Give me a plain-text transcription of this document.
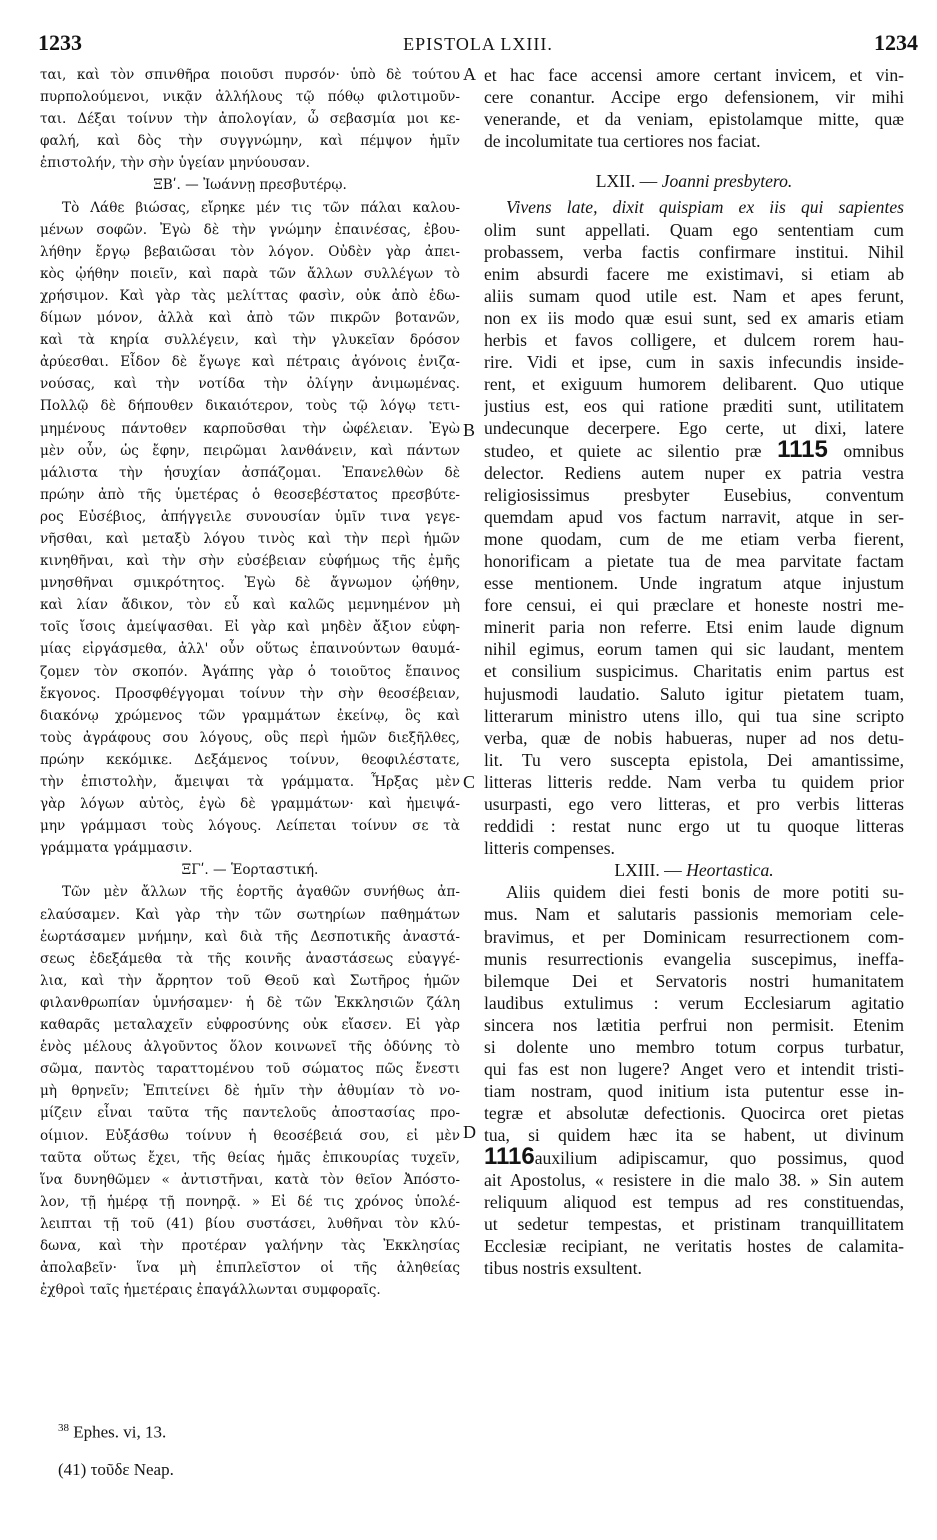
1233	EPISTOLA LXIII.	1234
ται, καὶ τὸν σπινθῆρα ποιοῦσι πυρσόν· ὑπὸ δὲ τούτου
πυρπολούμενοι, νικᾷν ἀλλήλους τῷ πόθῳ φιλοτιμοῦν-
ται. Δέξαι τοίνυν τὴν ἀπολογίαν, ὦ σεβασμία μοι κε-
φαλή, καὶ δὸς τὴν συγγνώμην, καὶ πέμψον ἡμῖν
ἐπιστολήν, τὴν σὴν ὑγείαν μηνύουσαν.
ΞΒʹ. — Ἰωάννῃ πρεσβυτέρῳ.
Τὸ Λάθε βιώσας, εἴρηκε μέν τις τῶν πάλαι καλου-
μένων σοφῶν. Ἐγὼ δὲ τὴν γνώμην ἐπαινέσας, ἐβου-
λήθην ἔργῳ βεβαιῶσαι τὸν λόγον. Οὐδὲν γὰρ ἀπει-
κὸς ᾠήθην ποιεῖν, καὶ παρὰ τῶν ἄλλων συλλέγων τὸ
χρήσιμον. Καὶ γὰρ τὰς μελίττας φασὶν, οὐκ ἀπὸ ἐδω-
δίμων μόνον, ἀλλὰ καὶ ἀπὸ τῶν πικρῶν βοτανῶν,
καὶ τὰ κηρία συλλέγειν, καὶ τὴν γλυκεῖαν δρόσον
ἀρύεσθαι. Εἶδον δὲ ἔγωγε καὶ πέτραις ἀγόνοις ἐνιζα-
νούσας, καὶ τὴν νοτίδα τὴν ὀλίγην ἀνιμωμένας.
Πολλῷ δὲ δήπουθεν δικαιότερον, τοὺς τῷ λόγῳ τετι-
μημένους πάντοθεν καρποῦσθαι τὴν ὠφέλειαν. Ἐγὼ
μὲν οὖν, ὡς ἔφην, πειρῶμαι λανθάνειν, καὶ πάντων
μάλιστα τὴν ἡσυχίαν ἀσπάζομαι. Ἐπανελθὼν δὲ
πρώην ἀπὸ τῆς ὑμετέρας ὁ θεοσεβέστατος πρεσβύτε-
ρος Εὐσέβιος, ἀπήγγειλε συνουσίαν ὑμῖν τινα γεγε-
νῆσθαι, καὶ μεταξὺ λόγου τινὸς καὶ τὴν περὶ ἡμῶν
κινηθῆναι, καὶ τὴν σὴν εὐσέβειαν εὐφήμως τῆς ἐμῆς
μνησθῆναι σμικρότητος. Ἐγὼ δὲ ἄγνωμον ᾠήθην,
καὶ λίαν ἄδικον, τὸν εὖ καὶ καλῶς μεμνημένον μὴ
τοῖς ἴσοις ἀμείψασθαι. Εἰ γὰρ καὶ μηδὲν ἄξιον εὐφη-
μίας εἰργάσμεθα, ἀλλ' οὖν οὕτως ἐπαινούντων θαυμά-
ζομεν τὸν σκοπόν. Ἀγάπης γὰρ ὁ τοιοῦτος ἔπαινος
ἔκγονος. Προσφθέγγομαι τοίνυν τὴν σὴν θεοσέβειαν,
διακόνῳ χρώμενος τῶν γραμμάτων ἐκείνῳ, ὃς καὶ
τοὺς ἀγράφους σου λόγους, οὓς περὶ ἡμῶν διεξῆλθες,
πρώην κεκόμικε. Δεξάμενος τοίνυν, θεοφιλέστατε,
τὴν ἐπιστολὴν, ἄμειψαι τὰ γράμματα. Ἦρξας μὲν
γὰρ λόγων αὐτὸς, ἐγὼ δὲ γραμμάτων· καὶ ἠμειψά-
μην γράμμασι τοὺς λόγους. Λείπεται τοίνυν σε τὰ
γράμματα γράμμασιν.
ΞΓʹ. — Ἑορταστική.
Τῶν μὲν ἄλλων τῆς ἑορτῆς ἀγαθῶν συνήθως ἀπ-
ελαύσαμεν. Καὶ γὰρ τὴν τῶν σωτηρίων παθημάτων
ἑωρτάσαμεν μνήμην, καὶ διὰ τῆς Δεσποτικῆς ἀναστά-
σεως ἐδεξάμεθα τὰ τῆς κοινῆς ἀναστάσεως εὐαγγέ-
λια, καὶ τὴν ἄρρητον τοῦ Θεοῦ καὶ Σωτῆρος ἡμῶν
φιλανθρωπίαν ὑμνήσαμεν· ἡ δὲ τῶν Ἐκκλησιῶν ζάλη
καθαρᾶς μεταλαχεῖν εὐφροσύνης οὐκ εἴασεν. Εἰ γὰρ
ἑνὸς μέλους ἀλγοῦντος ὅλον κοινωνεῖ τῆς ὀδύνης τὸ
σῶμα, παντὸς ταραττομένου τοῦ σώματος πῶς ἔνεστι
μὴ θρηνεῖν; Ἐπιτείνει δὲ ἡμῖν τὴν ἀθυμίαν τὸ νο-
μίζειν εἶναι ταῦτα τῆς παντελοῦς ἀποστασίας προ-
οίμιον. Εὐξάσθω τοίνυν ἡ θεοσέβειά σου, εἰ μὲν
ταῦτα οὕτως ἔχει, τῆς θείας ἡμᾶς ἐπικουρίας τυχεῖν,
ἵνα δυνηθῶμεν « ἀντιστῆναι, κατὰ τὸν θεῖον Ἀπόστο-
λον, τῇ ἡμέρᾳ τῇ πονηρᾷ. » Εἰ δέ τις χρόνος ὑπολέ-
λειπται τῇ τοῦ (41) βίου συστάσει, λυθῆναι τὸν κλύ-
δωνα, καὶ τὴν προτέραν γαλήνην τὰς Ἐκκλησίας
ἀπολαβεῖν· ἵνα μὴ ἐπιπλεῖστον οἱ τῆς ἀληθείας
ἐχθροὶ ταῖς ἡμετέραις ἐπαγάλλωνται συμφοραῖς.
A
B
C
D
et hac face accensi amore certant invicem, et vin-
cere conantur. Accipe ergo defensionem, vir mihi
venerande, et da veniam, epistolamque mitte, quæ
de incolumitate tua certiores nos faciat.
LXII. — Joanni presbytero.
Vivens late, dixit quispiam ex iis qui sapientes
olim sunt appellati. Quam ego sententiam cum
probassem, verba factis confirmare institui. Nihil
enim absurdi facere me existimavi, si etiam ab
aliis sumam quod utile est. Nam et apes ferunt,
non ex iis modo quæ esui sunt, sed ex amaris etiam
herbis et favos colligere, et dulcem rorem hau-
rire. Vidi et ipse, cum in saxis infecundis inside-
rent, et exiguum humorem delibarent. Quo utique
justius est, eos qui ratione præditi sunt, utilitatem
undecunque decerpere. Ego certe, ut dixi, latere
studeo, et quiete ac silentio præ 1115 omnibus
delector. Rediens autem nuper ex patria vestra
religiosissimus presbyter Eusebius, conventum
quemdam apud vos factum narravit, atque in ser-
mone quodam, cum de me etiam verba fierent,
honorificam a pietate tua de mea parvitate factam
esse mentionem. Unde ingratum atque injustum
fore censui, ei qui præclare et honeste nostri me-
minerit paria non referre. Etsi enim laude dignum
nihil egimus, eorum tamen qui sic laudant, mentem
et consilium suspicimus. Charitatis enim partus est
hujusmodi laudatio. Saluto igitur pietatem tuam,
litterarum ministro utens illo, qui tua sine scripto
verba, quæ de nobis habueras, nuper ad nos detu-
lit. Tu vero suscepta epistola, Dei amantissime,
litteras litteris redde. Nam verba tu quidem prior
usurpasti, ego vero litteras, et pro verbis litteras
reddidi : restat nunc ergo ut tu quoque litteras
litteris compenses.
LXIII. — Heortastica.
Aliis quidem diei festi bonis de more potiti su-
mus. Nam et salutaris passionis memoriam cele-
bravimus, et per Dominicam resurrectionem com-
munis resurrectionis evangelia suscepimus, ineffa-
bilemque Dei et Servatoris nostri humanitatem
laudibus extulimus : verum Ecclesiarum agitatio
sincera nos lætitia perfrui non permisit. Etenim
si dolente uno membro totum corpus turbatur,
qui fas est non lugere? Anget vero et intendit tristi-
tiam nostram, quod initium ista putentur esse in-
tegræ et absolutæ defectionis. Quocirca oret pietas
tua, si quidem hæc ita se habent, ut divinum
1116auxilium adipiscamur, quo possimus, quod
ait Apostolus, « resistere in die malo 38. » Sin autem
reliquum aliquod est tempus ad res constituendas,
ut sedetur tempestas, et pristinam tranquillitatem
Ecclesiæ recipiant, ne veritatis hostes de calamita-
tibus nostris exsultent.
$^{38}$ Ephes. vi, 13.
(41) τοῦδε Neap.
